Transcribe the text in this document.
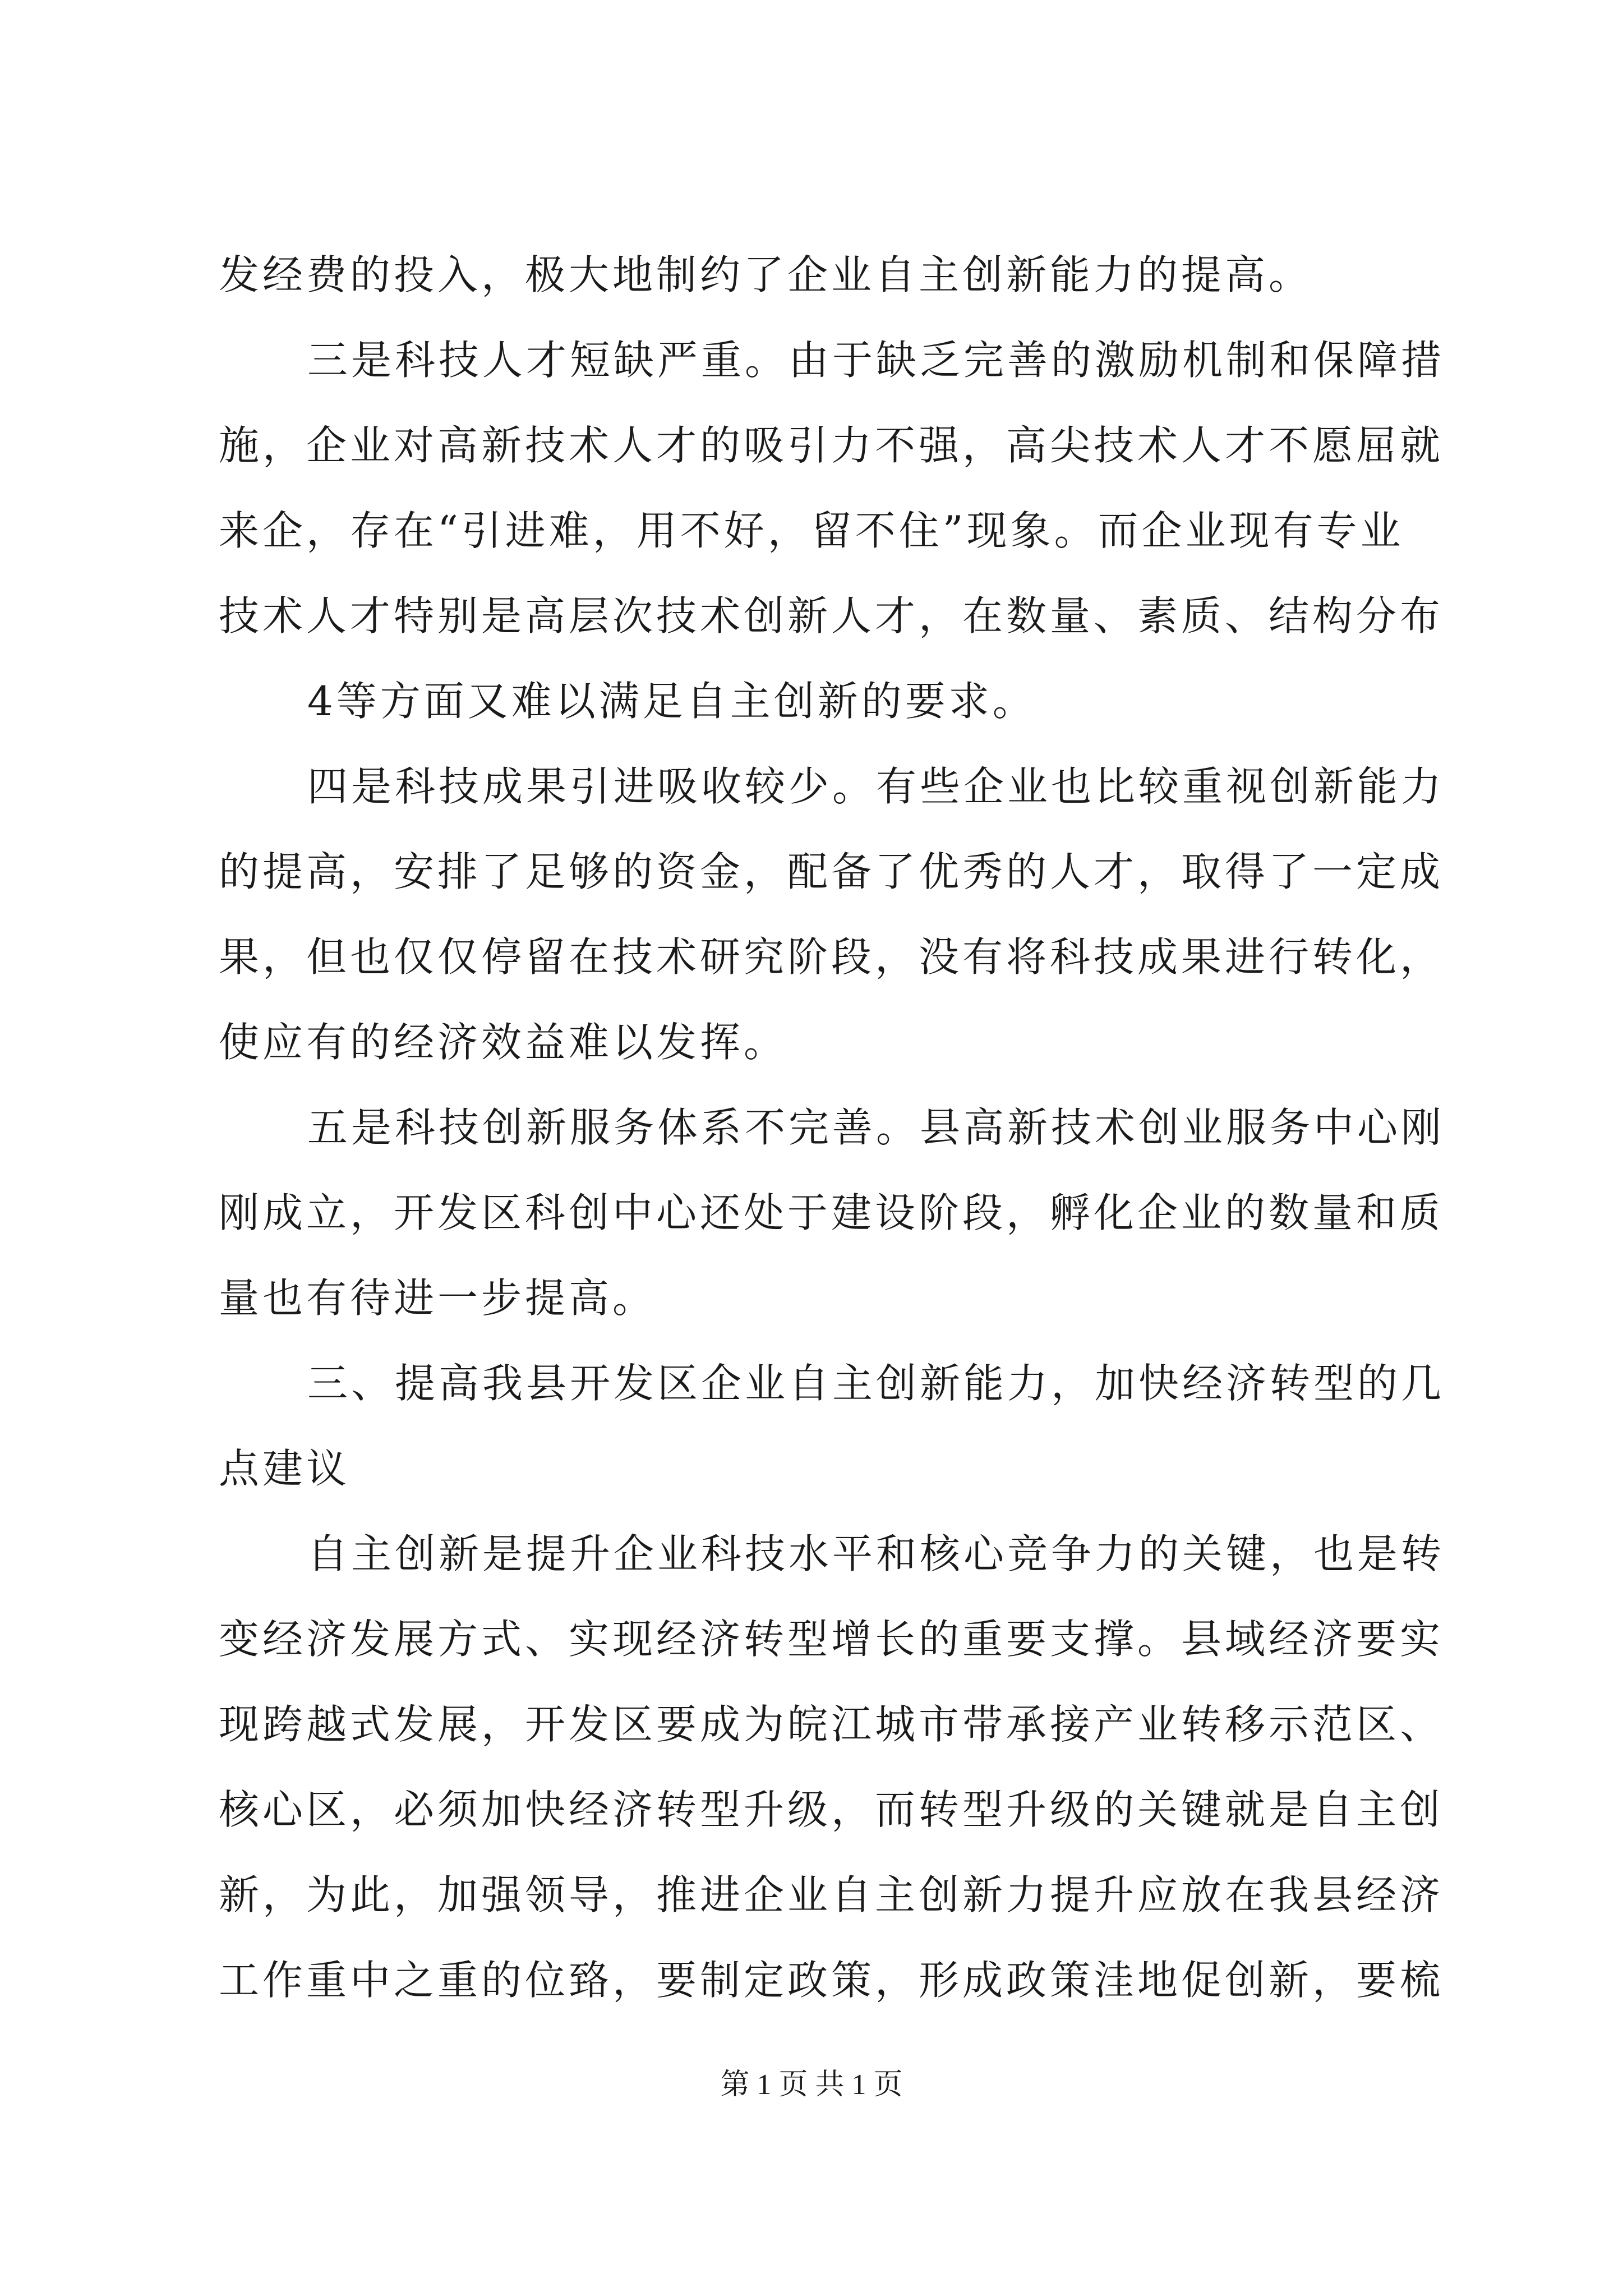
发经费的投入，极大地制约了企业自主创新能力的提高。

三是科技人才短缺严重。由于缺乏完善的激励机制和保障措

施，企业对高新技术人才的吸引力不强，高尖技术人才不愿屈就

来企，存在“引进难，用不好，留不住”现象。而企业现有专业

技术人才特别是高层次技术创新人才，在数量、素质、结构分布

4等方面又难以满足自主创新的要求。

四是科技成果引进吸收较少。有些企业也比较重视创新能力

的提高，安排了足够的资金，配备了优秀的人才，取得了一定成

果，但也仅仅停留在技术研究阶段，没有将科技成果进行转化，

使应有的经济效益难以发挥。

五是科技创新服务体系不完善。县高新技术创业服务中心刚

刚成立，开发区科创中心还处于建设阶段，孵化企业的数量和质

量也有待进一步提高。

三、提高我县开发区企业自主创新能力，加快经济转型的几

点建议

自主创新是提升企业科技水平和核心竞争力的关键，也是转

变经济发展方式、实现经济转型增长的重要支撑。县域经济要实

现跨越式发展，开发区要成为皖江城市带承接产业转移示范区、

核心区，必须加快经济转型升级，而转型升级的关键就是自主创

新，为此，加强领导，推进企业自主创新力提升应放在我县经济

第 1 页 共 1 页

工作重中之重的位臵，要制定政策，形成政策洼地促创新，要梳
